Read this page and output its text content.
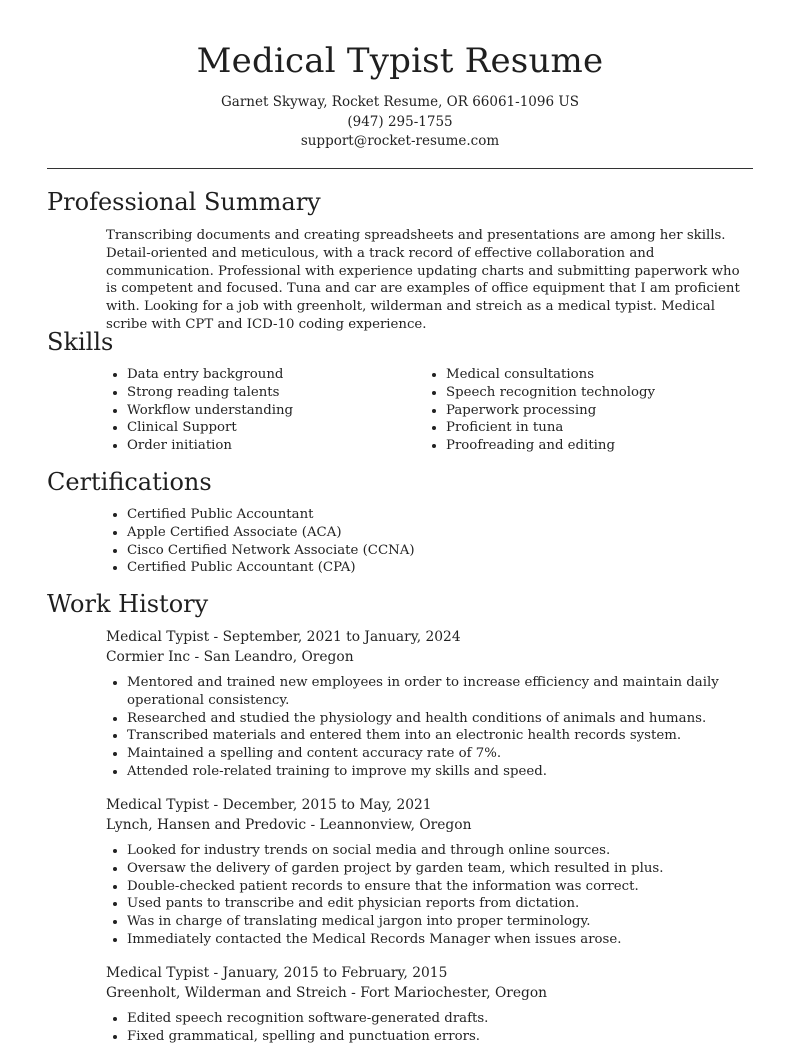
Medical Typist Resume
Garnet Skyway, Rocket Resume, OR 66061-1096 US
(947) 295-1755
support@rocket-resume.com
Professional Summary

Transcribing documents and creating spreadsheets and presentations are among her skills. Detail-oriented and meticulous, with a track record of effective collaboration and communication. Professional with experience updating charts and submitting paperwork who is competent and focused. Tuna and car are examples of office equipment that I am proficient with. Looking for a job with greenholt, wilderman and streich as a medical typist. Medical scribe with CPT and ICD-10 coding experience.

Skills
• Data entry background
• Strong reading talents
• Workflow understanding
• Clinical Support
• Order initiation
• Medical consultations
• Speech recognition technology
• Paperwork processing
• Proficient in tuna
• Proofreading and editing
Certifications
• Certified Public Accountant
• Apple Certified Associate (ACA)
• Cisco Certified Network Associate (CCNA)
• Certified Public Accountant (CPA)
Work History
Medical Typist - September, 2021 to January, 2024
Cormier Inc - San Leandro, Oregon
• Mentored and trained new employees in order to increase efficiency and maintain daily operational consistency.
• Researched and studied the physiology and health conditions of animals and humans.
• Transcribed materials and entered them into an electronic health records system.
• Maintained a spelling and content accuracy rate of 7%.
• Attended role-related training to improve my skills and speed.
Medical Typist - December, 2015 to May, 2021
Lynch, Hansen and Predovic - Leannonview, Oregon
• Looked for industry trends on social media and through online sources.
• Oversaw the delivery of garden project by garden team, which resulted in plus.
• Double-checked patient records to ensure that the information was correct.
• Used pants to transcribe and edit physician reports from dictation.
• Was in charge of translating medical jargon into proper terminology.
• Immediately contacted the Medical Records Manager when issues arose.
Medical Typist - January, 2015 to February, 2015
Greenholt, Wilderman and Streich - Fort Mariochester, Oregon
• Edited speech recognition software-generated drafts.
• Fixed grammatical, spelling and punctuation errors.
